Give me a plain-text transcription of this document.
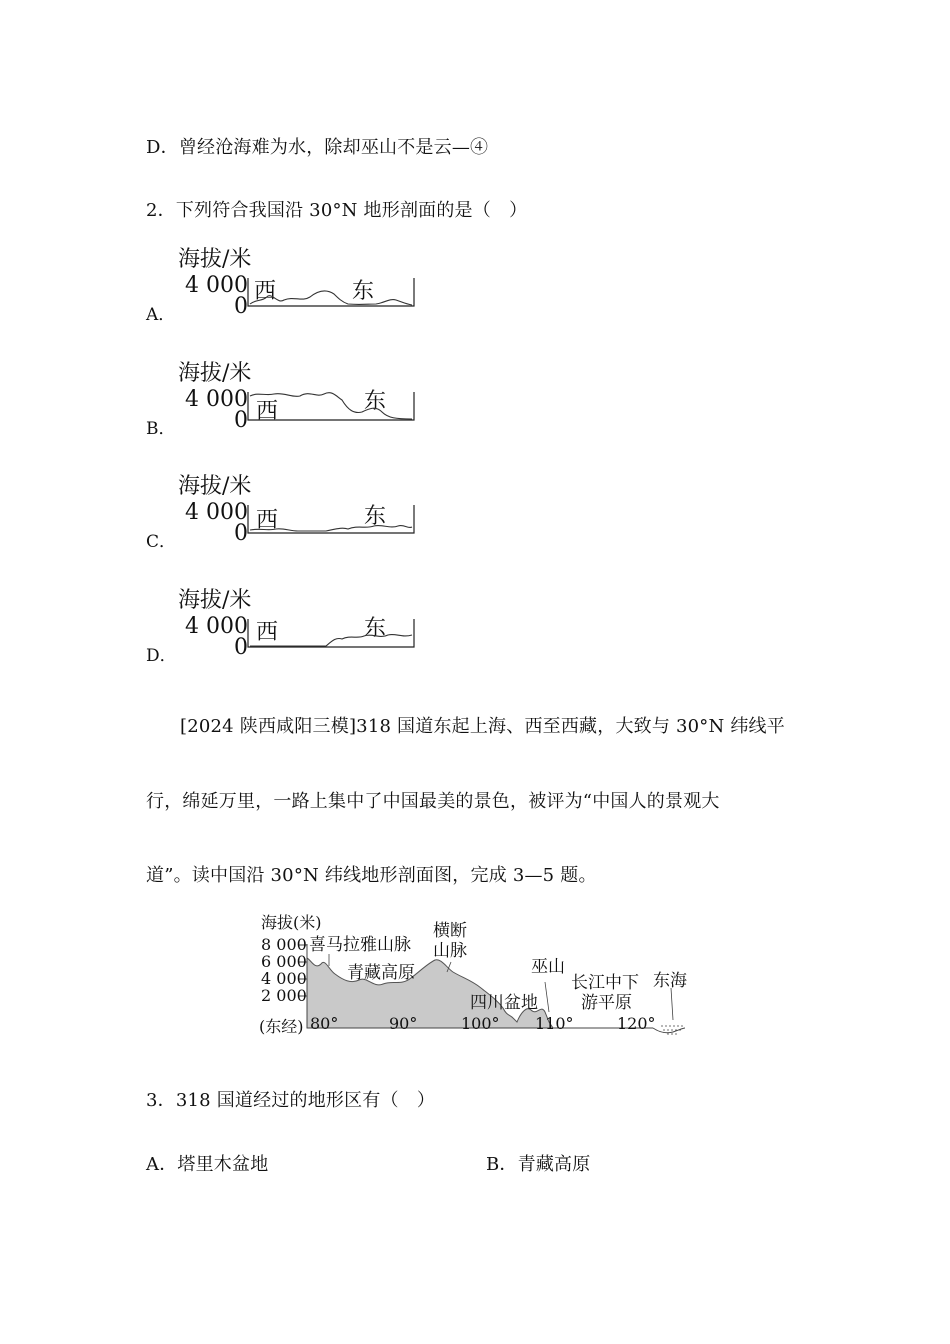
D．曾经沧海难为水，除却巫山不是云—④
2．下列符合我国沿 30°N 地形剖面的是（　）
A．
海拔/米
4 000
0
西	东
B．
海拔/米
4 000
0 西	东
C．
海拔/米
4 000
0
西	东
D．
海拔/米
4 000
0
西	东
[2024 陕西咸阳三模]318 国道东起上海、西至西藏，大致与 30°N 纬线平
行，绵延万里，一路上集中了中国最美的景色，被评为“中国人的景观大
道”。读中国沿 30°N 纬线地形剖面图，完成 3—5 题。
海拔(米)
8 000
6 000
4 000
2 000
(东经) 80°	90°	100° 110°	120°
喜马拉雅山脉
横断
山脉
青藏高原	巫山
四川盆地
长江中下
游平原
东海
3．318 国道经过的地形区有（　）
A．塔里木盆地	B．青藏高原
